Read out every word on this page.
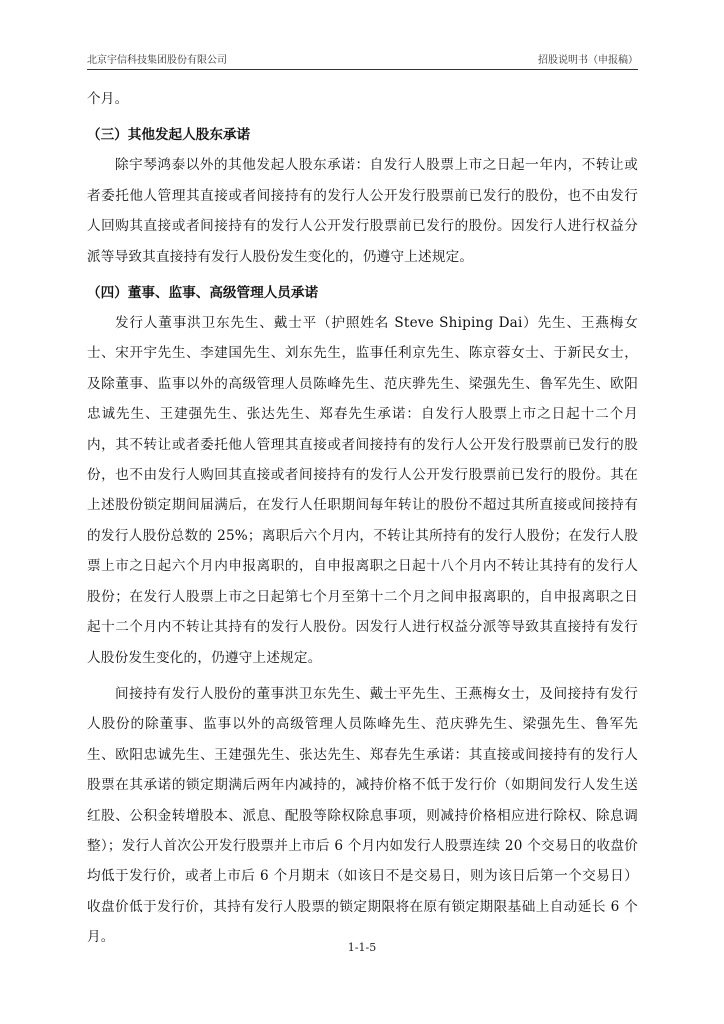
北京宇信科技集团股份有限公司	招股说明书（申报稿）

个月。

（三）其他发起人股东承诺

除宇琴鸿泰以外的其他发起人股东承诺：自发行人股票上市之日起一年内，不转让或者委托他人管理其直接或者间接持有的发行人公开发行股票前已发行的股份，也不由发行人回购其直接或者间接持有的发行人公开发行股票前已发行的股份。因发行人进行权益分派等导致其直接持有发行人股份发生变化的，仍遵守上述规定。

（四）董事、监事、高级管理人员承诺

发行人董事洪卫东先生、戴士平（护照姓名 Steve Shiping Dai）先生、王燕梅女士、宋开宇先生、李建国先生、刘东先生，监事任利京先生、陈京蓉女士、于新民女士，及除董事、监事以外的高级管理人员陈峰先生、范庆骅先生、梁强先生、鲁军先生、欧阳忠诚先生、王建强先生、张达先生、郑春先生承诺：自发行人股票上市之日起十二个月内，其不转让或者委托他人管理其直接或者间接持有的发行人公开发行股票前已发行的股份，也不由发行人购回其直接或者间接持有的发行人公开发行股票前已发行的股份。其在上述股份锁定期间届满后，在发行人任职期间每年转让的股份不超过其所直接或间接持有的发行人股份总数的 25%；离职后六个月内，不转让其所持有的发行人股份；在发行人股票上市之日起六个月内申报离职的，自申报离职之日起十八个月内不转让其持有的发行人股份；在发行人股票上市之日起第七个月至第十二个月之间申报离职的，自申报离职之日起十二个月内不转让其持有的发行人股份。因发行人进行权益分派等导致其直接持有发行人股份发生变化的，仍遵守上述规定。

间接持有发行人股份的董事洪卫东先生、戴士平先生、王燕梅女士，及间接持有发行人股份的除董事、监事以外的高级管理人员陈峰先生、范庆骅先生、梁强先生、鲁军先生、欧阳忠诚先生、王建强先生、张达先生、郑春先生承诺：其直接或间接持有的发行人股票在其承诺的锁定期满后两年内减持的，减持价格不低于发行价（如期间发行人发生送红股、公积金转增股本、派息、配股等除权除息事项，则减持价格相应进行除权、除息调整）；发行人首次公开发行股票并上市后 6 个月内如发行人股票连续 20 个交易日的收盘价均低于发行价，或者上市后 6 个月期末（如该日不是交易日，则为该日后第一个交易日）收盘价低于发行价，其持有发行人股票的锁定期限将在原有锁定期限基础上自动延长 6 个月。

1-1-5
